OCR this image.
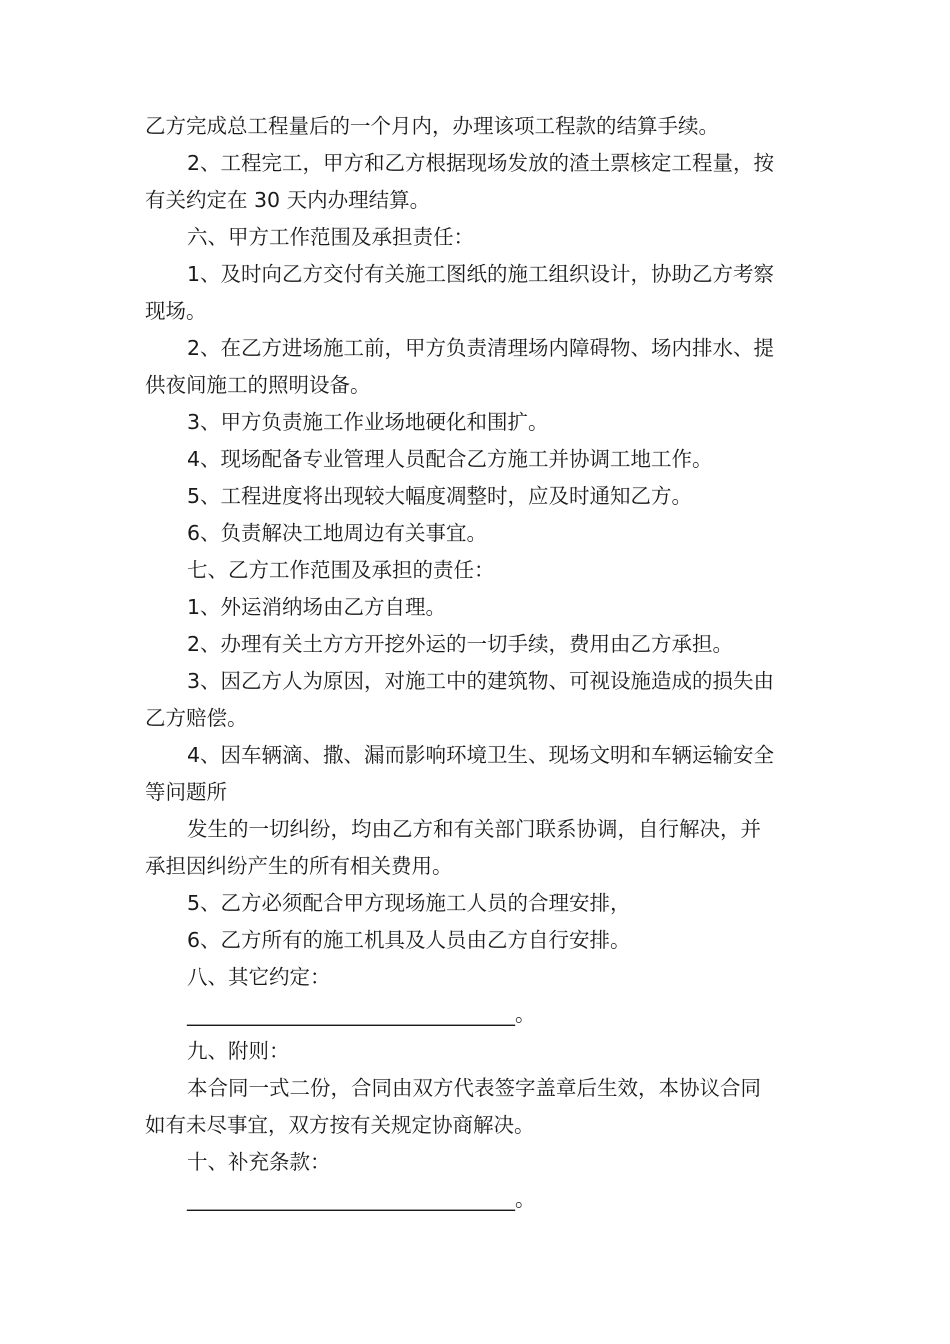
乙方完成总工程量后的一个月内，办理该项工程款的结算手续。
2、工程完工，甲方和乙方根据现场发放的渣土票核定工程量，按
有关约定在 30 天内办理结算。
六、甲方工作范围及承担责任：
1、及时向乙方交付有关施工图纸的施工组织设计，协助乙方考察
现场。
2、在乙方进场施工前，甲方负责清理场内障碍物、场内排水、提
供夜间施工的照明设备。
3、甲方负责施工作业场地硬化和围扩。
4、现场配备专业管理人员配合乙方施工并协调工地工作。
5、工程进度将出现较大幅度凋整时，应及时通知乙方。
6、负责解决工地周边有关事宜。
七、乙方工作范围及承担的责任：
1、外运消纳场由乙方自理。
2、办理有关土方方开挖外运的一切手续，费用由乙方承担。
3、因乙方人为原因，对施工中的建筑物、可视设施造成的损失由
乙方赔偿。
4、因车辆滴、撒、漏而影响环境卫生、现场文明和车辆运输安全
等问题所
发生的一切纠纷，均由乙方和有关部门联系协调，自行解决，并
承担因纠纷产生的所有相关费用。
5、乙方必须配合甲方现场施工人员的合理安排，
6、乙方所有的施工机具及人员由乙方自行安排。
八、其它约定：
________________________________。
九、附则：
本合同一式二份，合同由双方代表签字盖章后生效，本协议合同
如有未尽事宜，双方按有关规定协商解决。
十、补充条款：
________________________________。
